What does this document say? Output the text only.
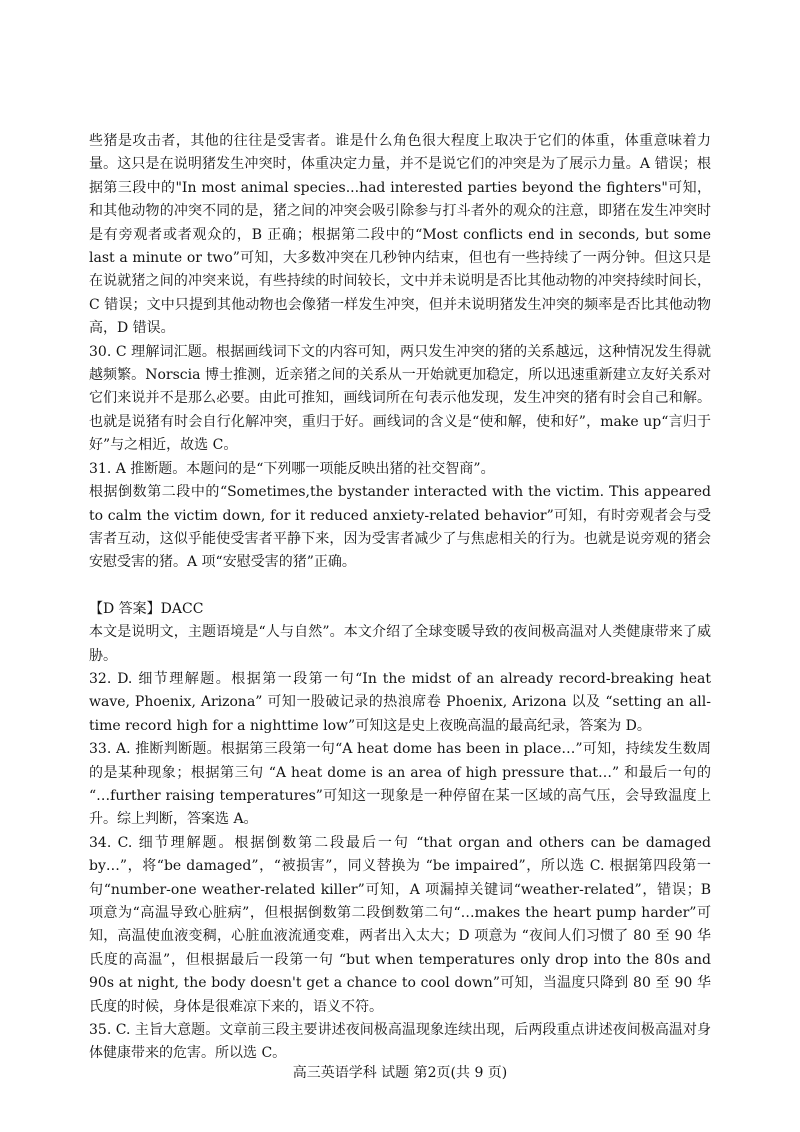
些猪是攻击者，其他的往往是受害者。谁是什么角色很大程度上取决于它们的体重，体重意味着力量。这只是在说明猪发生冲突时，体重决定力量，并不是说它们的冲突是为了展示力量。A 错误；根据第三段中的"In most animal species...had interested parties beyond the fighters"可知，和其他动物的冲突不同的是，猪之间的冲突会吸引除参与打斗者外的观众的注意，即猪在发生冲突时是有旁观者或者观众的，B 正确；根据第二段中的“Most conflicts end in seconds, but some last a minute or two”可知，大多数冲突在几秒钟内结束，但也有一些持续了一两分钟。但这只是在说就猪之间的冲突来说，有些持续的时间较长，文中并未说明是否比其他动物的冲突持续时间长，C 错误；文中只提到其他动物也会像猪一样发生冲突，但并未说明猪发生冲突的频率是否比其他动物高，D 错误。

30. C 理解词汇题。根据画线词下文的内容可知，两只发生冲突的猪的关系越远，这种情况发生得就越频繁。Norscia 博士推测，近亲猪之间的关系从一开始就更加稳定，所以迅速重新建立友好关系对它们来说并不是那么必要。由此可推知，画线词所在句表示他发现，发生冲突的猪有时会自己和解。也就是说猪有时会自行化解冲突，重归于好。画线词的含义是“使和解，使和好”，make up“言归于好”与之相近，故选 C。

31. A 推断题。本题问的是“下列哪一项能反映出猪的社交智商”。

根据倒数第二段中的“Sometimes,the bystander interacted with the victim. This appeared to calm the victim down, for it reduced anxiety-related behavior”可知，有时旁观者会与受害者互动，这似乎能使受害者平静下来，因为受害者减少了与焦虑相关的行为。也就是说旁观的猪会安慰受害的猪。A 项“安慰受害的猪”正确。

【D 答案】DACC

本文是说明文，主题语境是“人与自然”。本文介绍了全球变暖导致的夜间极高温对人类健康带来了威胁。

32. D. 细节理解题。根据第一段第一句“In the midst of an already record-breaking heat wave, Phoenix, Arizona” 可知一股破记录的热浪席卷 Phoenix, Arizona 以及 “setting an all-time record high for a nighttime low”可知这是史上夜晚高温的最高纪录，答案为 D。

33. A. 推断判断题。根据第三段第一句“A heat dome has been in place…”可知，持续发生数周的是某种现象；根据第三句 “A heat dome is an area of high pressure that…” 和最后一句的 “…further raising temperatures”可知这一现象是一种停留在某一区域的高气压，会导致温度上升。综上判断，答案选 A。

34. C. 细节理解题。根据倒数第二段最后一句 “that organ and others can be damaged by…”，将“be damaged”，“被损害”，同义替换为 “be impaired”，所以选 C. 根据第四段第一句“number-one weather-related killer”可知，A 项漏掉关键词“weather-related”，错误；B 项意为“高温导致心脏病”，但根据倒数第二段倒数第二句“…makes the heart pump harder”可知，高温使血液变稠，心脏血液流通变难，两者出入太大；D 项意为 “夜间人们习惯了 80 至 90 华氏度的高温”，但根据最后一段第一句 “but when temperatures only drop into the 80s and 90s at night, the body doesn't get a chance to cool down”可知，当温度只降到 80 至 90 华氏度的时候，身体是很难凉下来的，语义不符。

35. C. 主旨大意题。文章前三段主要讲述夜间极高温现象连续出现，后两段重点讲述夜间极高温对身体健康带来的危害。所以选 C。

高三英语学科 试题 第2页(共 9 页)
